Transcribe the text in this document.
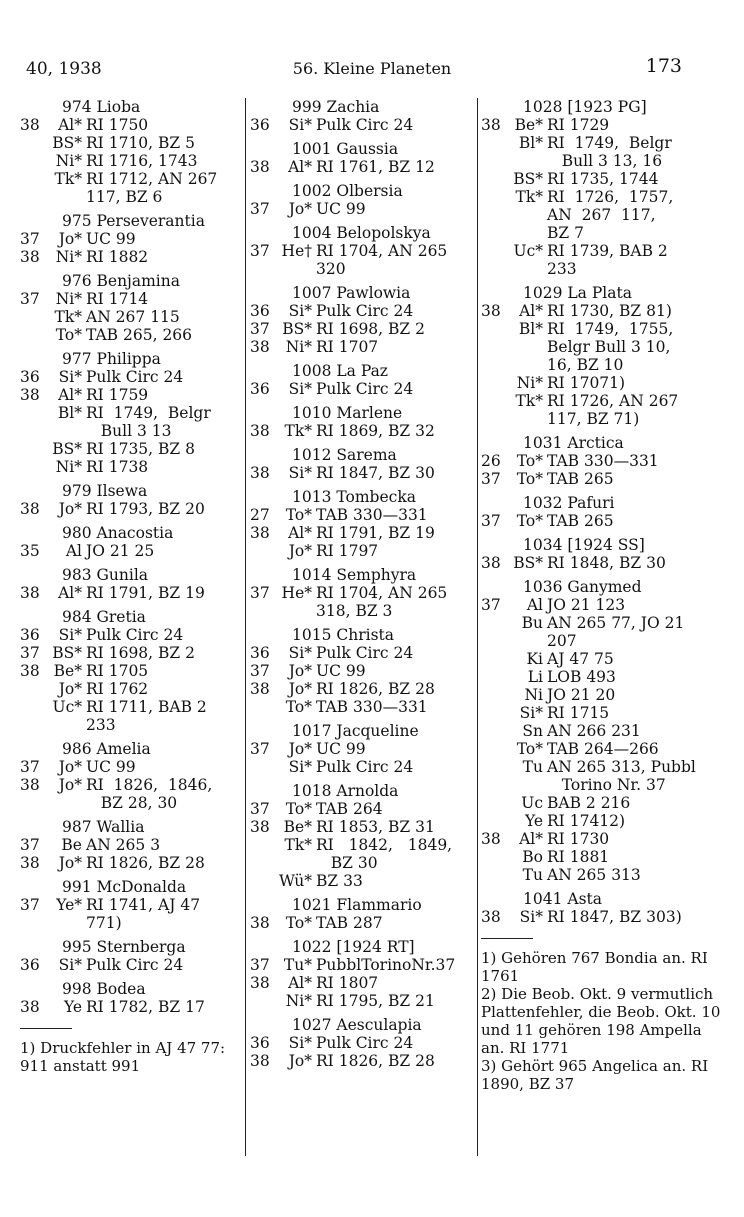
56. Kleine Planeten
40, 1938	173
974 Lioba
38	Al* RI 1750
BS* RI 1710, BZ 5
Ni* RI 1716, 1743
Tk* RI 1712, AN 267
117, BZ 6
975 Perseverantia
37	Jo* UC 99
38	Ni* RI 1882
976 Benjamina
37	Ni* RI 1714
Tk* AN 267 115
To* TAB 265, 266
977 Philippa
36	Si* Pulk Circ 24
38	Al* RI 1759
Bl* RI  1749,  Belgr
Bull 3 13
BS* RI 1735, BZ 8
Ni* RI 1738
979 Ilsewa
38	Jo* RI 1793, BZ 20
980 Anacostia
35	Al JO 21 25
983 Gunila
38	Al* RI 1791, BZ 19
984 Gretia
36	Si* Pulk Circ 24
37 BS* RI 1698, BZ 2
38 Be* RI 1705
Jo* RI 1762
Uc* RI 1711, BAB 2
233
986 Amelia
37	Jo* UC 99
38	Jo* RI  1826,  1846,
BZ 28, 30
987 Wallia
37	Be AN 265 3
38	Jo* RI 1826, BZ 28
991 McDonalda
37	Ye* RI 1741, AJ 47
771)
995 Sternberga
36	Si* Pulk Circ 24
998 Bodea
38	Ye RI 1782, BZ 17
1) Druckfehler in AJ 47 77: 911 anstatt 991
999 Zachia
36	Si* Pulk Circ 24
1001 Gaussia
38	Al* RI 1761, BZ 12
1002 Olbersia
37	Jo* UC 99
1004 Belopolskya
37 He† RI 1704, AN 265
320
1007 Pawlowia
36	Si* Pulk Circ 24
37 BS* RI 1698, BZ 2
38	Ni* RI 1707
1008 La Paz
36	Si* Pulk Circ 24
1010 Marlene
38 Tk* RI 1869, BZ 32
1012 Sarema
38	Si* RI 1847, BZ 30
1013 Tombecka
27	To* TAB 330—331
38	Al* RI 1791, BZ 19
Jo* RI 1797
1014 Semphyra
37 He* RI 1704, AN 265
318, BZ 3
1015 Christa
36	Si* Pulk Circ 24
37	Jo* UC 99
38	Jo* RI 1826, BZ 28
To* TAB 330—331
1017 Jacqueline
37	Jo* UC 99
Si* Pulk Circ 24
1018 Arnolda
37	To* TAB 264
38 Be* RI 1853, BZ 31
Tk* RI   1842,   1849,
BZ 30
Wü* BZ 33
1021 Flammario
38	To* TAB 287
1022 [1924 RT]
37 Tu* PubblTorinoNr.37
38	Al* RI 1807
Ni* RI 1795, BZ 21
1027 Aesculapia
36	Si* Pulk Circ 24
38	Jo* RI 1826, BZ 28
1028 [1923 PG]
38 Be* RI 1729
Bl* RI  1749,  Belgr
Bull 3 13, 16
BS* RI 1735, 1744
Tk* RI  1726,  1757,
AN  267  117,
BZ 7
Uc* RI 1739, BAB 2
233
1029 La Plata
38	Al* RI 1730, BZ 81)
Bl* RI  1749,  1755,
Belgr Bull 3 10,
16, BZ 10
Ni* RI 17071)
Tk* RI 1726, AN 267
117, BZ 71)
1031 Arctica
26	To* TAB 330—331
37	To* TAB 265
1032 Pafuri
37	To* TAB 265
1034 [1924 SS]
38 BS* RI 1848, BZ 30
1036 Ganymed
37	Al JO 21 123
Bu AN 265 77, JO 21
207
Ki AJ 47 75
Li LOB 493
Ni JO 21 20
Si* RI 1715
Sn AN 266 231
To* TAB 264—266
Tu AN 265 313, Pubbl
Torino Nr. 37
Uc BAB 2 216
Ye RI 17412)
38	Al* RI 1730
Bo RI 1881
Tu AN 265 313
1041 Asta
38	Si* RI 1847, BZ 303)
1) Gehören 767 Bondia an. RI 1761
2) Die Beob. Okt. 9 vermutlich Plattenfehler, die Beob. Okt. 10 und 11 gehören 198 Ampella an. RI 1771
3) Gehört 965 Angelica an. RI 1890, BZ 37
